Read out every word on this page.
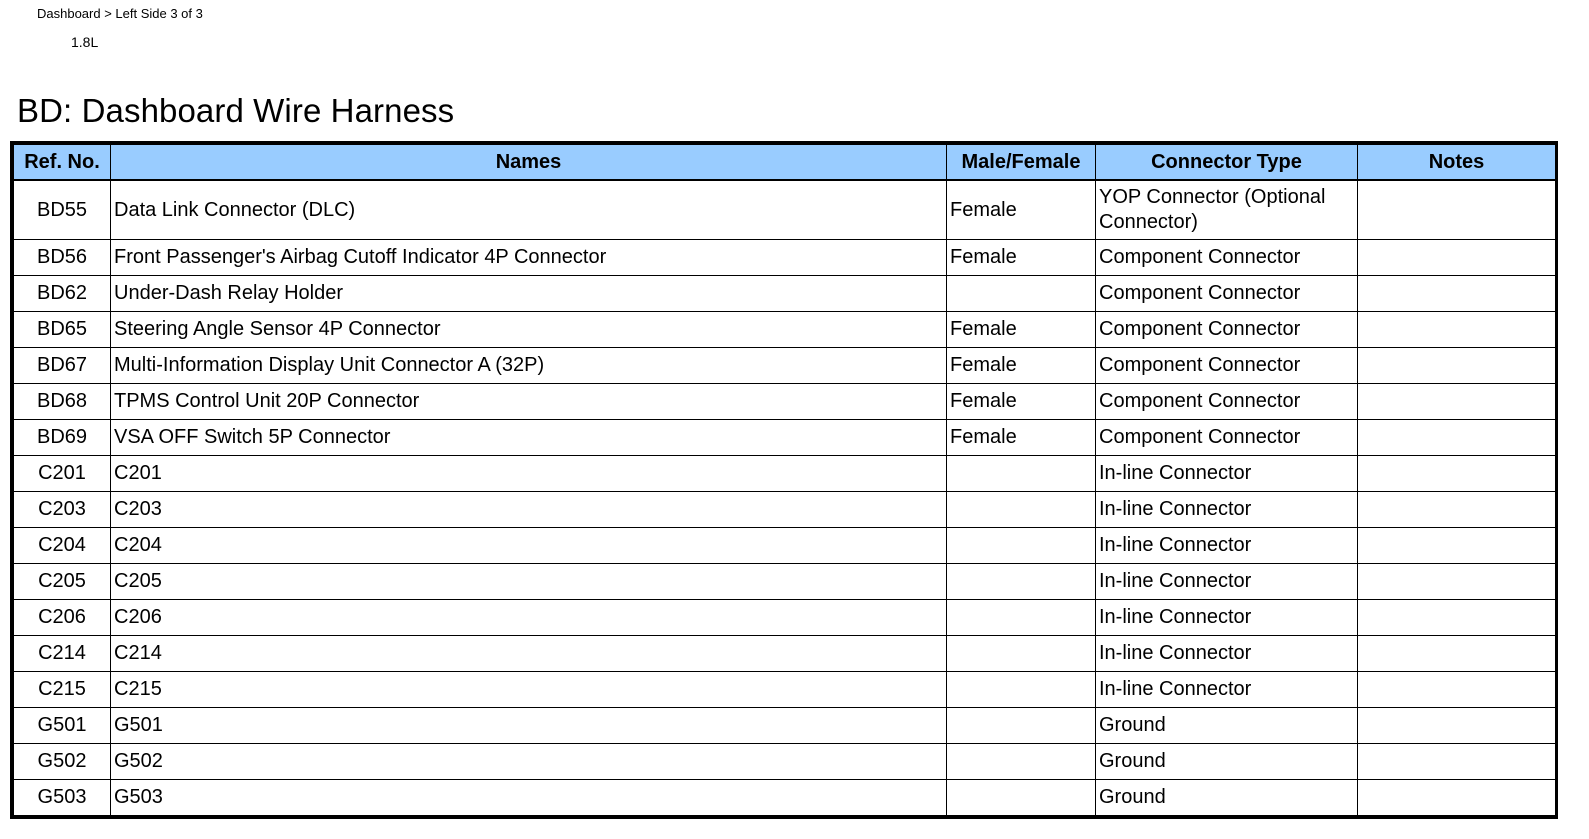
Dashboard > Left Side 3 of 3
1.8L
BD: Dashboard Wire Harness
Ref. No.	Names	Male/Female	Connector Type	Notes
BD55	Data Link Connector (DLC)	Female	YOP Connector (Optional Connector)	
BD56	Front Passenger's Airbag Cutoff Indicator 4P Connector	Female	Component Connector	
BD62	Under-Dash Relay Holder		Component Connector	
BD65	Steering Angle Sensor 4P Connector	Female	Component Connector	
BD67	Multi-Information Display Unit Connector A (32P)	Female	Component Connector	
BD68	TPMS Control Unit 20P Connector	Female	Component Connector	
BD69	VSA OFF Switch 5P Connector	Female	Component Connector	
C201	C201		In-line Connector	
C203	C203		In-line Connector	
C204	C204		In-line Connector	
C205	C205		In-line Connector	
C206	C206		In-line Connector	
C214	C214		In-line Connector	
C215	C215		In-line Connector	
G501	G501		Ground	
G502	G502		Ground	
G503	G503		Ground	
